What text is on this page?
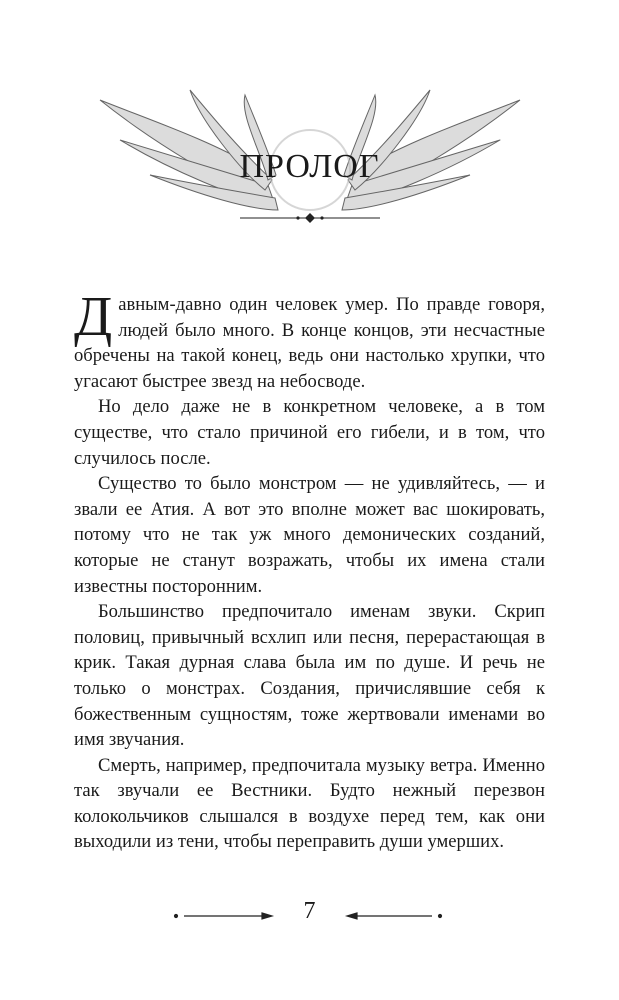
ПРОЛОГ

Давным-давно один человек умер. По правде говоря, людей было много. В конце концов, эти несчастные обречены на такой конец, ведь они настолько хрупки, что угасают быстрее звезд на небосводе.

Но дело даже не в конкретном человеке, а в том существе, что стало причиной его гибели, и в том, что случилось после.

Существо то было монстром — не удивляйтесь, — и звали ее Атия. А вот это вполне может вас шокировать, потому что не так уж много демонических созданий, которые не станут возражать, чтобы их имена стали известны посторонним.

Большинство предпочитало именам звуки. Скрип половиц, привычный всхлип или песня, перерастающая в крик. Такая дурная слава была им по душе. И речь не только о монстрах. Создания, причислявшие себя к божественным сущностям, тоже жертвовали именами во имя звучания.

Смерть, например, предпочитала музыку ветра. Именно так звучали ее Вестники. Будто нежный перезвон колокольчиков слышался в воздухе перед тем, как они выходили из тени, чтобы переправить души умерших.

7
